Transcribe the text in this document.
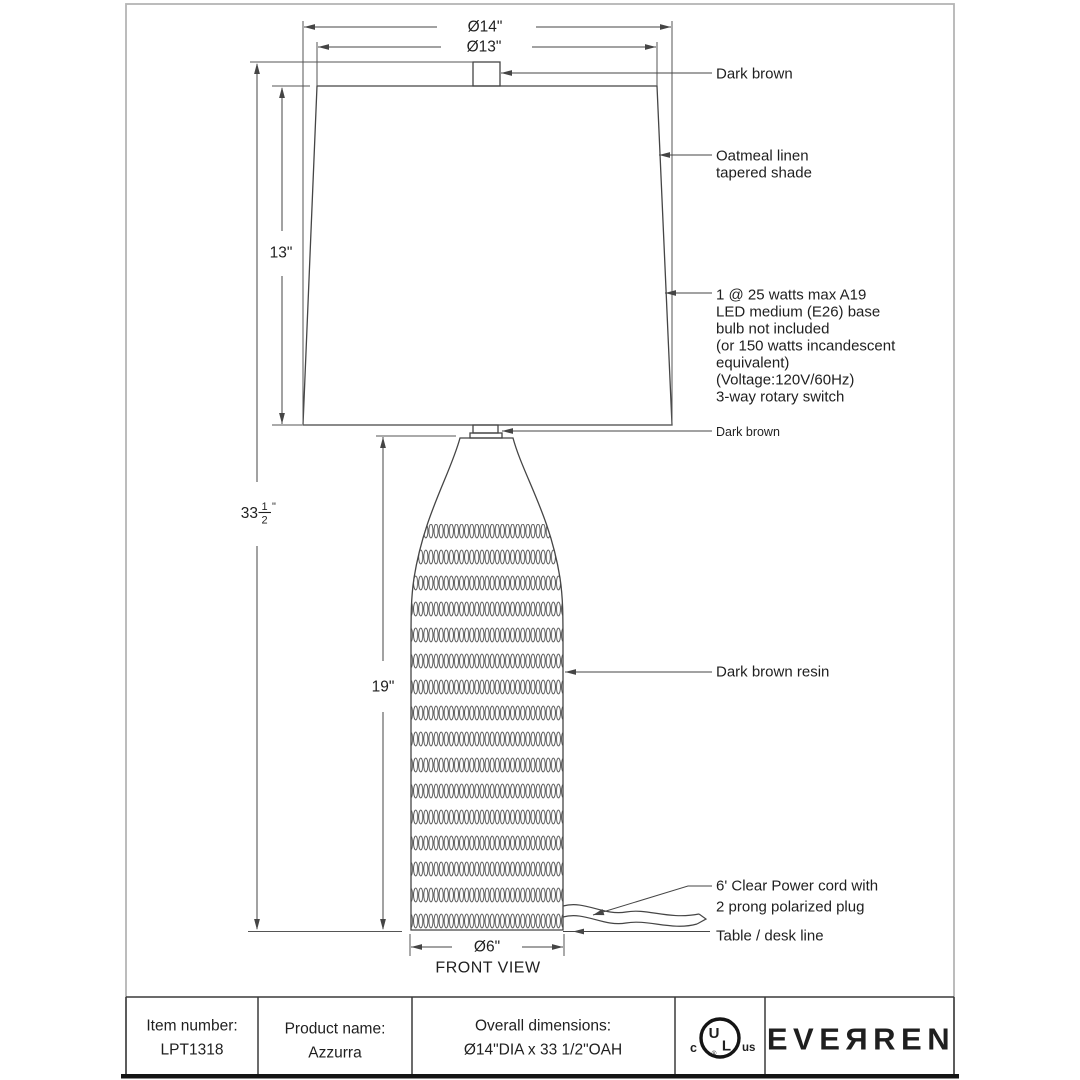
Ø14"
Ø13"
13"
19"
Ø6"
33 1
2
"
Dark brown
Oatmeal linen
tapered shade
1 @ 25 watts max A19
LED medium (E26) base
bulb not included
(or 150 watts incandescent
equivalent)
(Voltage:120V/60Hz)
3-way rotary switch
Dark brown
Dark brown resin
6' Clear Power cord with
2 prong polarized plug
Table / desk line
FRONT VIEW
Item number:
LPT1318
Product name:
Azzurra
Overall dimensions:
Ø14"DIA x 33 1/2"OAH
U
L
®
c	us EVEЯREN
